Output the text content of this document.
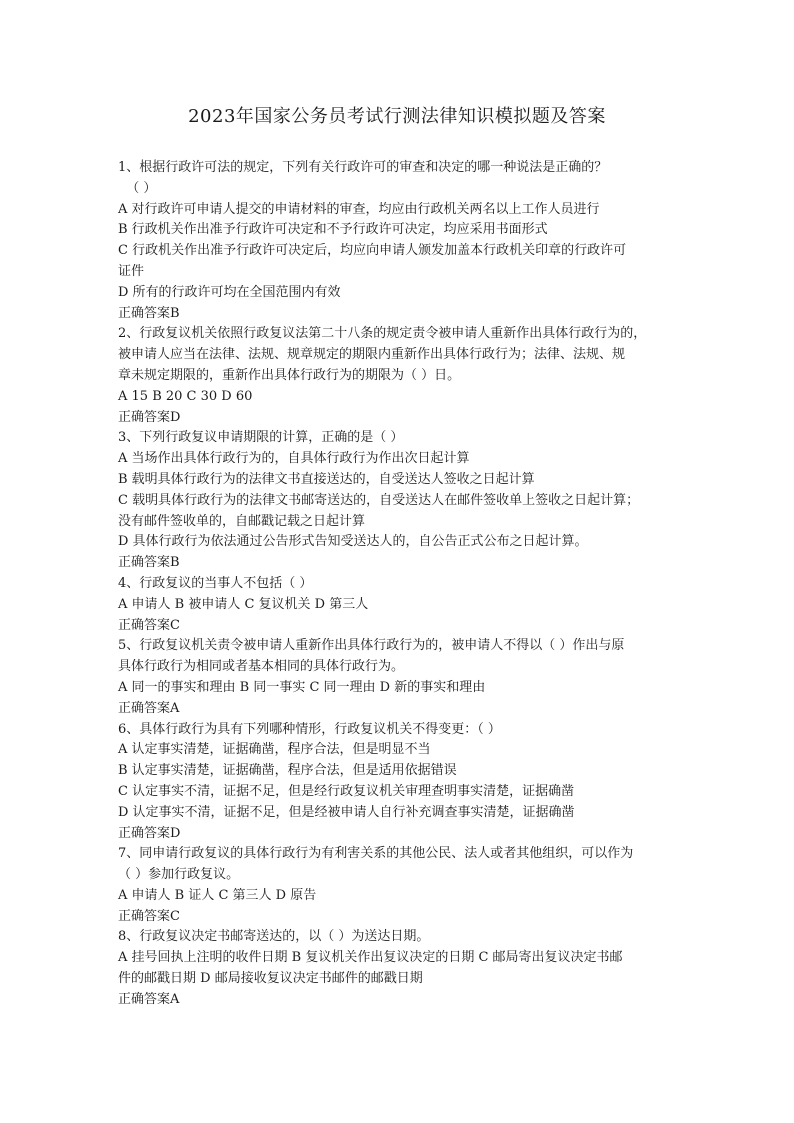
2023年国家公务员考试行测法律知识模拟题及答案
1、根据行政许可法的规定，下列有关行政许可的审查和决定的哪一种说法是正确的？
（ ）
A 对行政许可申请人提交的申请材料的审查，均应由行政机关两名以上工作人员进行
B 行政机关作出准予行政许可决定和不予行政许可决定，均应采用书面形式
C 行政机关作出准予行政许可决定后，均应向申请人颁发加盖本行政机关印章的行政许可
证件
D 所有的行政许可均在全国范围内有效
正确答案B
2、行政复议机关依照行政复议法第二十八条的规定责令被申请人重新作出具体行政行为的，
被申请人应当在法律、法规、规章规定的期限内重新作出具体行政行为；法律、法规、规
章未规定期限的，重新作出具体行政行为的期限为（ ）日。
A 15 B 20 C 30 D 60
正确答案D
3、下列行政复议申请期限的计算，正确的是（ ）
A 当场作出具体行政行为的，自具体行政行为作出次日起计算
B 载明具体行政行为的法律文书直接送达的，自受送达人签收之日起计算
C 载明具体行政行为的法律文书邮寄送达的，自受送达人在邮件签收单上签收之日起计算；
没有邮件签收单的，自邮戳记载之日起计算
D 具体行政行为依法通过公告形式告知受送达人的，自公告正式公布之日起计算。
正确答案B
4、行政复议的当事人不包括（ ）
A 申请人 B 被申请人 C 复议机关 D 第三人
正确答案C
5、行政复议机关责令被申请人重新作出具体行政行为的，被申请人不得以（ ）作出与原
具体行政行为相同或者基本相同的具体行政行为。
A 同一的事实和理由 B 同一事实 C 同一理由 D 新的事实和理由
正确答案A
6、具体行政行为具有下列哪种情形，行政复议机关不得变更：（ ）
A 认定事实清楚，证据确凿，程序合法，但是明显不当
B 认定事实清楚，证据确凿，程序合法，但是适用依据错误
C 认定事实不清，证据不足，但是经行政复议机关审理查明事实清楚，证据确凿
D 认定事实不清，证据不足，但是经被申请人自行补充调查事实清楚，证据确凿
正确答案D
7、同申请行政复议的具体行政行为有利害关系的其他公民、法人或者其他组织，可以作为
（ ）参加行政复议。
A 申请人 B 证人 C 第三人 D 原告
正确答案C
8、行政复议决定书邮寄送达的，以（ ）为送达日期。
A 挂号回执上注明的收件日期 B 复议机关作出复议决定的日期 C 邮局寄出复议决定书邮
件的邮戳日期 D 邮局接收复议决定书邮件的邮戳日期
正确答案A
